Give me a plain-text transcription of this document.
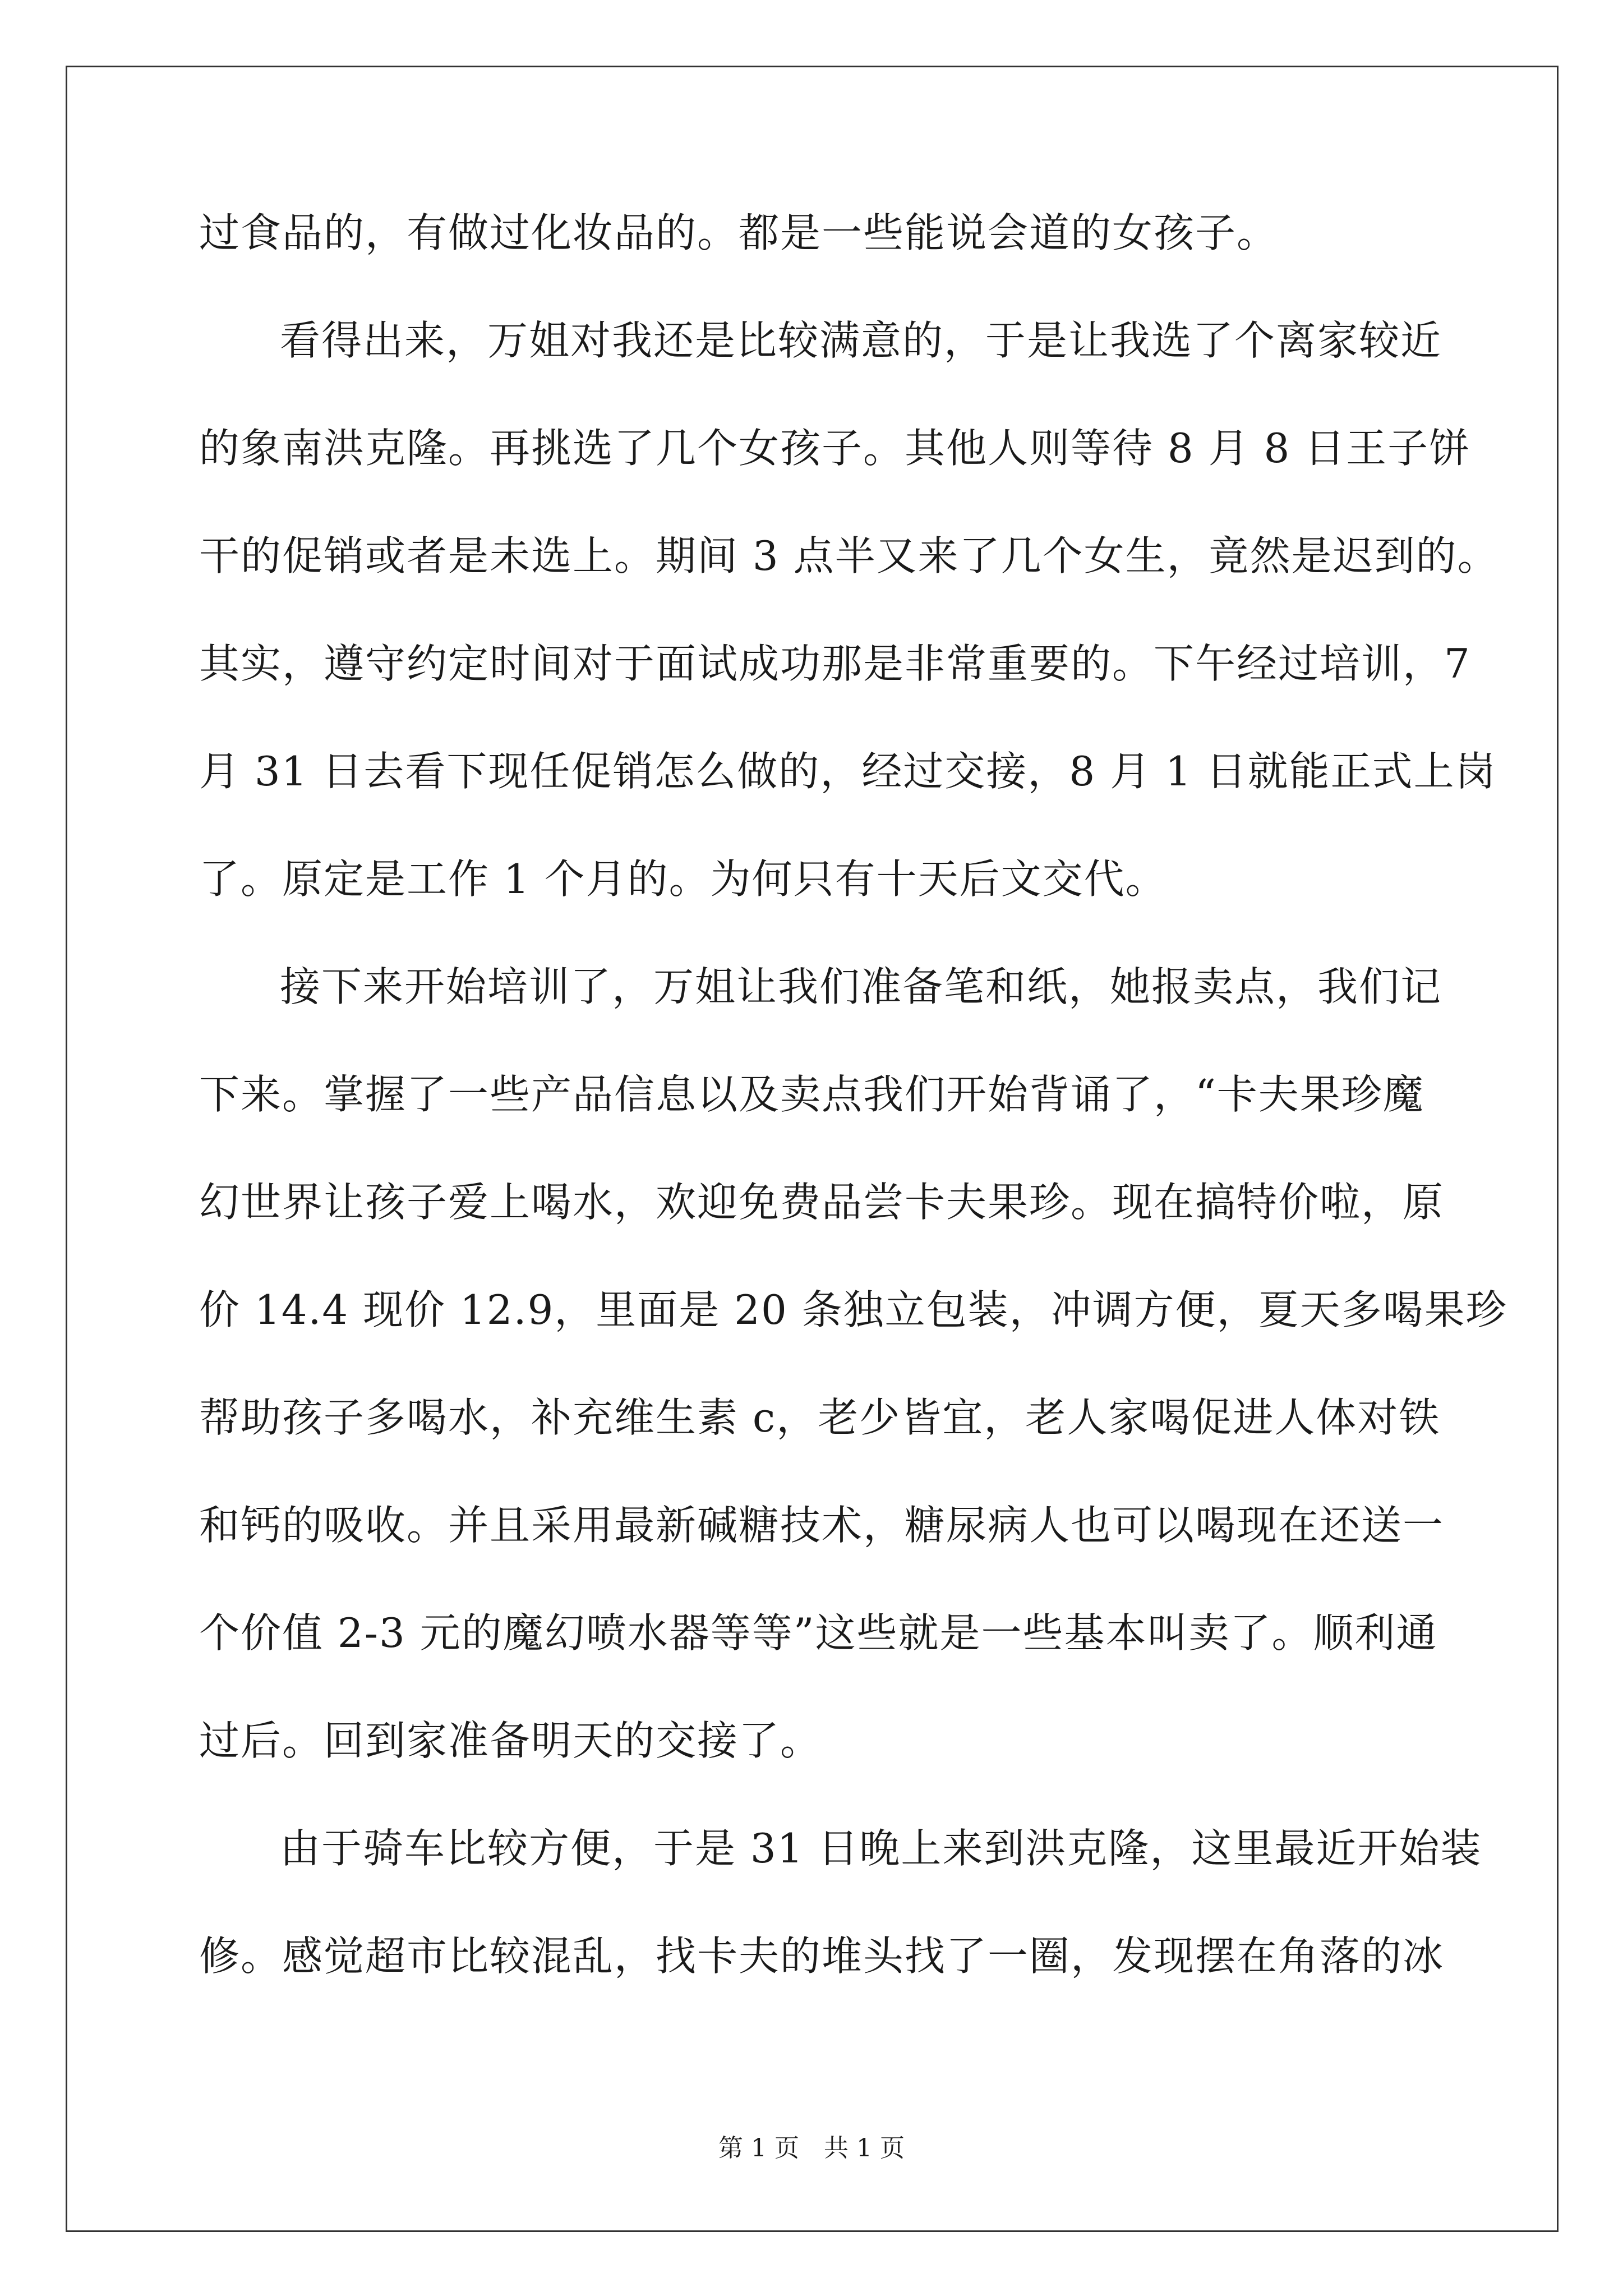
过食品的，有做过化妆品的。都是一些能说会道的女孩子。
看得出来，万姐对我还是比较满意的，于是让我选了个离家较近
的象南洪克隆。再挑选了几个女孩子。其他人则等待 8 月 8 日王子饼
干的促销或者是未选上。期间 3 点半又来了几个女生，竟然是迟到的。
其实，遵守约定时间对于面试成功那是非常重要的。下午经过培训，7
月 31 日去看下现任促销怎么做的，经过交接，8 月 1 日就能正式上岗
了。原定是工作 1 个月的。为何只有十天后文交代。
接下来开始培训了，万姐让我们准备笔和纸，她报卖点，我们记
下来。掌握了一些产品信息以及卖点我们开始背诵了，“卡夫果珍魔
幻世界让孩子爱上喝水，欢迎免费品尝卡夫果珍。现在搞特价啦，原
价 14.4 现价 12.9，里面是 20 条独立包装，冲调方便，夏天多喝果珍
帮助孩子多喝水，补充维生素 c，老少皆宜，老人家喝促进人体对铁
和钙的吸收。并且采用最新碱糖技术，糖尿病人也可以喝现在还送一
个价值 2-3 元的魔幻喷水器等等”这些就是一些基本叫卖了。顺利通
过后。回到家准备明天的交接了。
由于骑车比较方便，于是 31 日晚上来到洪克隆，这里最近开始装
修。感觉超市比较混乱，找卡夫的堆头找了一圈，发现摆在角落的冰
第 1 页　共 1 页
